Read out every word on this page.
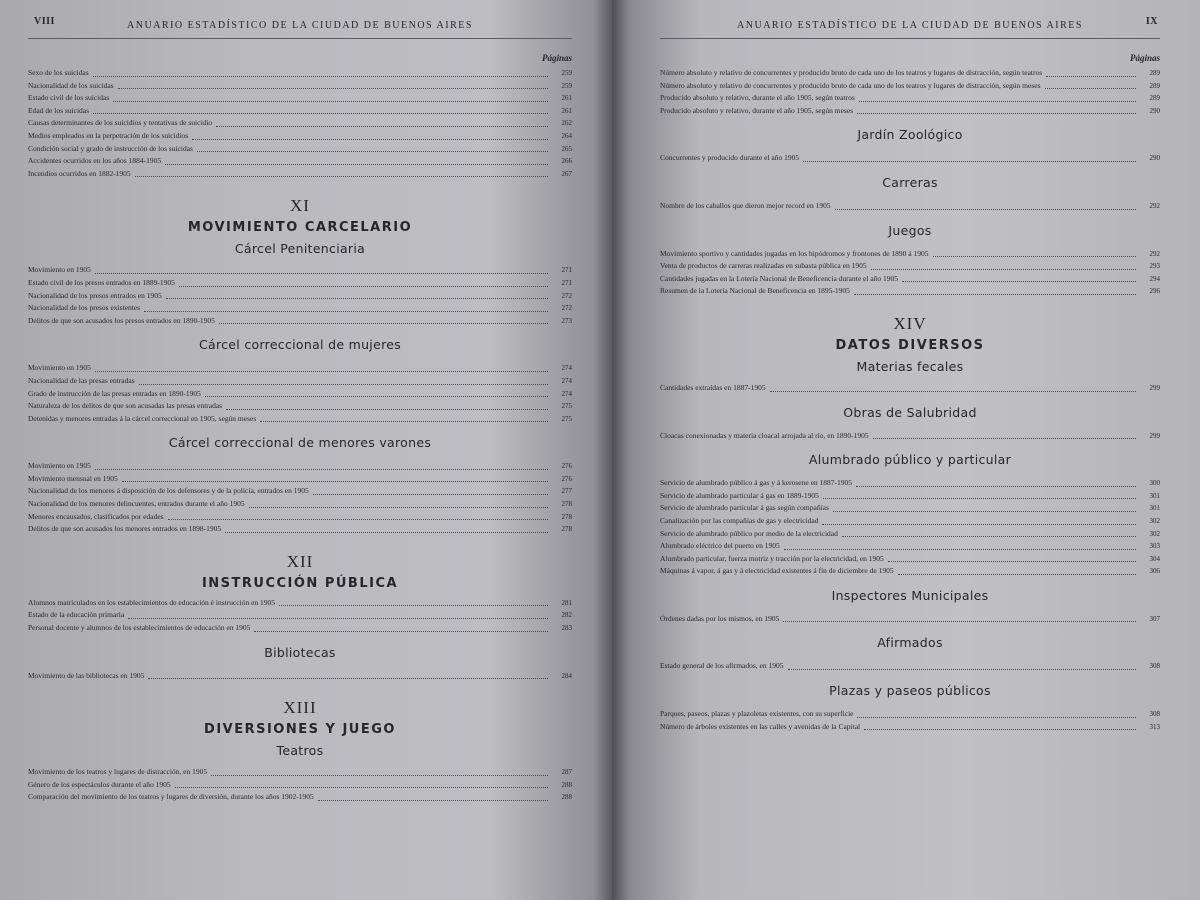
VIII	ANUARIO ESTADÍSTICO DE LA CIUDAD DE BUENOS AIRES
Páginas
Sexo de los suicidas	259
Nacionalidad de los suicidas	259
Estado civil de los suicidas	261
Edad de los suicidas	261
Causas determinantes de los suicidios y tentativas de suicidio	262
Medios empleados en la perpetración de los suicidios	264
Condición social y grado de instrucción de los suicidas	265
Accidentes ocurridos en los años 1884-1905	266
Incendios ocurridos en 1882-1905	267
XI
MOVIMIENTO CARCELARIO
Cárcel Penitenciaria
Movimiento en 1905	271
Estado civil de los presos entrados en 1889-1905	271
Nacionalidad de los presos entrados en 1905	272
Nacionalidad de los presos existentes	272
Delitos de que son acusados los presos entrados en 1890-1905	273
Cárcel correccional de mujeres
Movimiento en 1905	274
Nacionalidad de las presas entradas	274
Grado de instrucción de las presas entradas en 1890-1905	274
Naturaleza de los delitos de que son acusadas las presas entradas	275
Detenidas y menores entradas á la cárcel correccional en 1905, según meses	275
Cárcel correccional de menores varones
Movimiento en 1905	276
Movimiento mensual en 1905	276
Nacionalidad de los menores á disposición de los defensores y de la policía, entrados en 1905	277
Nacionalidad de los menores delincuentes, entrados durante el año 1905	278
Menores encausados, clasificados por edades	278
Delitos de que son acusados los menores entrados en 1898-1905	278
XII
INSTRUCCIÓN PÚBLICA
Alumnos matriculados en los establecimientos de educación é instrucción en 1905	281
Estado de la educación primaria	282
Personal docente y alumnos de los establecimientos de educación en 1905	283
Bibliotecas
Movimiento de las bibliotecas en 1905	284
XIII
DIVERSIONES Y JUEGO
Teatros
Movimiento de los teatros y lugares de distracción, en 1905	287
Género de los espectáculos durante el año 1905	288
Comparación del movimiento de los teatros y lugares de diversión, durante los años 1902-1905	288
ANUARIO ESTADÍSTICO DE LA CIUDAD DE BUENOS AIRES	IX
Páginas
Número absoluto y relativo de concurrentes y producido bruto de cada uno de los teatros y lugares de distracción, según teatros	289
Número absoluto y relativo de concurrentes y producido bruto de cada uno de los teatros y lugares de distracción, según meses	289
Producido absoluto y relativo, durante el año 1905, según teatros	289
Producido absoluto y relativo, durante el año 1905, según meses	290
Jardín Zoológico
Concurrentes y producido durante el año 1905	290
Carreras
Nombre de los caballos que dieron mejor record en 1905	292
Juegos
Movimiento sportivo y cantidades jugadas en los hipódromos y frontones de 1890 á 1905	292
Venta de productos de carreras realizadas en subasta pública en 1905	293
Cantidades jugadas en la Lotería Nacional de Beneficencia durante el año 1905	294
Resumen de la Lotería Nacional de Beneficencia en 1895-1905	296
XIV
DATOS DIVERSOS
Materias fecales
Cantidades extraídas en 1887-1905	299
Obras de Salubridad
Cloacas conexionadas y materia cloacal arrojada al río, en 1890-1905	299
Alumbrado público y particular
Servicio de alumbrado público á gas y á kerosene en 1887-1905	300
Servicio de alumbrado particular á gas en 1889-1905	301
Servicio de alumbrado particular á gas según compañías	301
Canalización por las compañías de gas y electricidad	302
Servicio de alumbrado público por medio de la electricidad	302
Alumbrado eléctrico del puerto en 1905	303
Alumbrado particular, fuerza motriz y tracción por la electricidad, en 1905	304
Máquinas á vapor, á gas y á electricidad existentes á fin de diciembre de 1905	306
Inspectores Municipales
Órdenes dadas por los mismos, en 1905	307
Afirmados
Estado general de los afirmados, en 1905	308
Plazas y paseos públicos
Parques, paseos, plazas y plazoletas existentes, con su superficie	308
Número de árboles existentes en las calles y avenidas de la Capital	313
